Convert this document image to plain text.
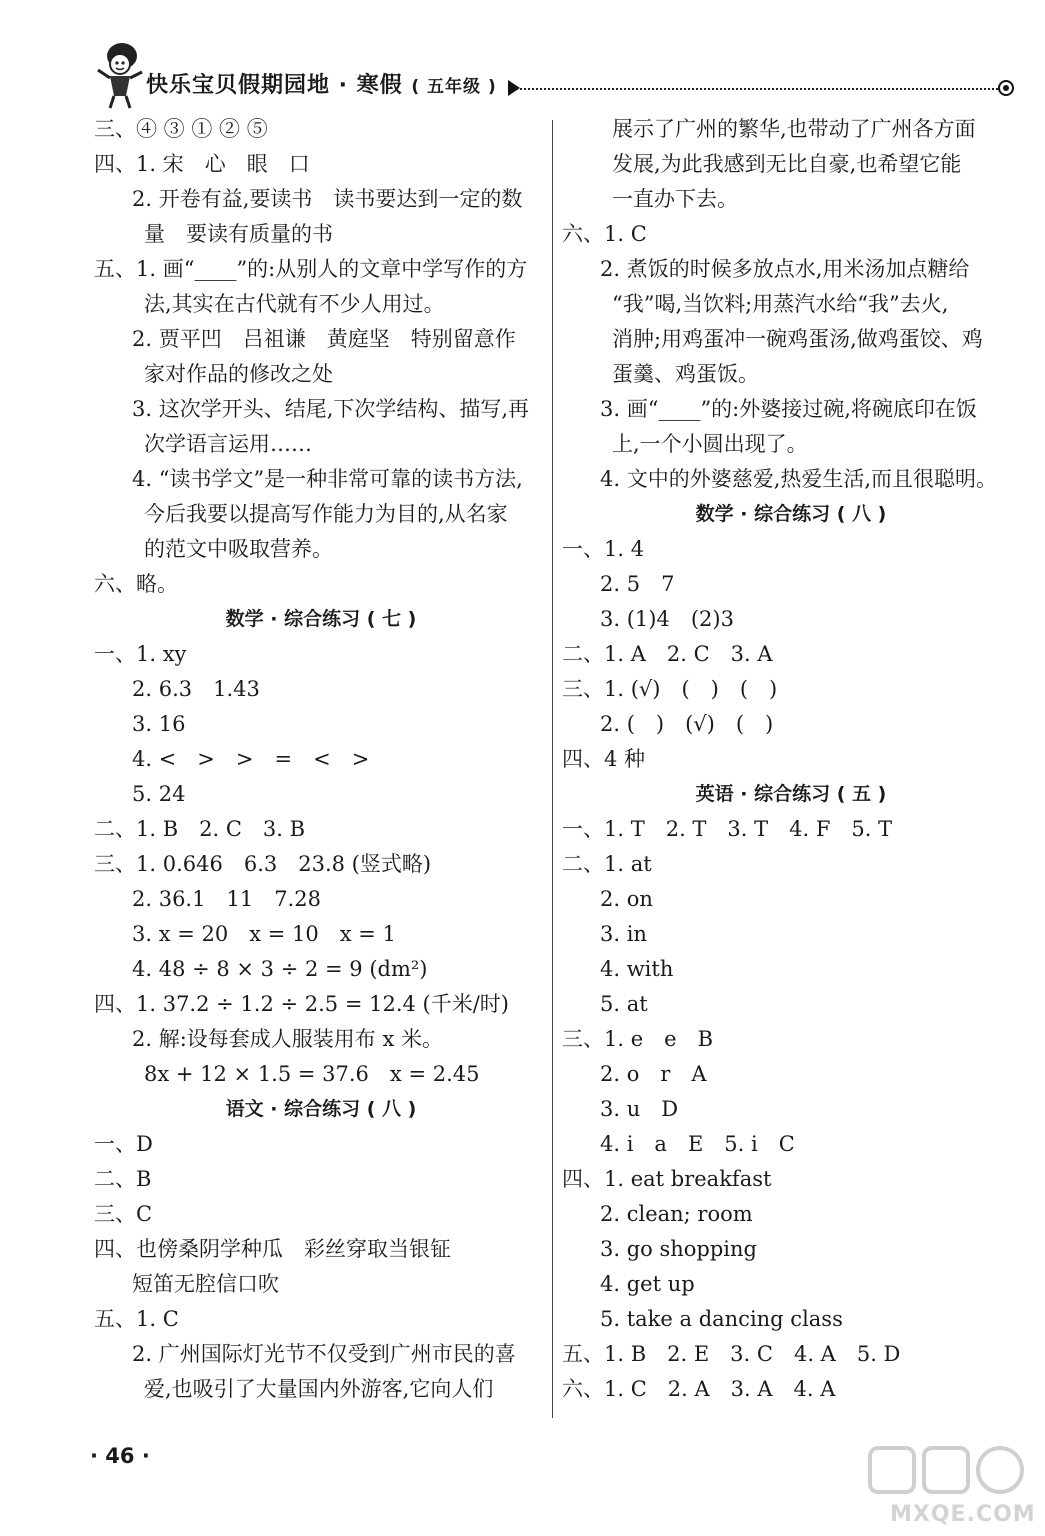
快乐宝贝假期园地 · 寒假 ( 五年级 )
三、④ ③ ① ② ⑤
四、1. 宋　心　眼　口
2. 开卷有益,要读书　读书要达到一定的数
量　要读有质量的书
五、1. 画“____”的:从别人的文章中学写作的方
法,其实在古代就有不少人用过。
2. 贾平凹　吕祖谦　黄庭坚　特别留意作
家对作品的修改之处
3. 这次学开头、结尾,下次学结构、描写,再
次学语言运用……
4. “读书学文”是一种非常可靠的读书方法,
今后我要以提高写作能力为目的,从名家
的范文中吸取营养。
六、略。
数学 · 综合练习 ( 七 )
一、1. xy
2. 6.3　1.43
3. 16
4. <　>　>　=　<　>
5. 24
二、1. B　2. C　3. B
三、1. 0.646　6.3　23.8 (竖式略)
2. 36.1　11　7.28
3. x = 20　x = 10　x = 1
4. 48 ÷ 8 × 3 ÷ 2 = 9 (dm²)
四、1. 37.2 ÷ 1.2 ÷ 2.5 = 12.4 (千米/时)
2. 解:设每套成人服装用布 x 米。
8x + 12 × 1.5 = 37.6　x = 2.45
语文 · 综合练习 ( 八 )
一、D
二、B
三、C
四、也傍桑阴学种瓜　彩丝穿取当银钲
短笛无腔信口吹
五、1. C
2. 广州国际灯光节不仅受到广州市民的喜
爱,也吸引了大量国内外游客,它向人们
展示了广州的繁华,也带动了广州各方面
发展,为此我感到无比自豪,也希望它能
一直办下去。
六、1. C
2. 煮饭的时候多放点水,用米汤加点糖给
“我”喝,当饮料;用蒸汽水给“我”去火,
消肿;用鸡蛋冲一碗鸡蛋汤,做鸡蛋饺、鸡
蛋羹、鸡蛋饭。
3. 画“____”的:外婆接过碗,将碗底印在饭
上,一个小圆出现了。
4. 文中的外婆慈爱,热爱生活,而且很聪明。
数学 · 综合练习 ( 八 )
一、1. 4
2. 5　7
3. (1)4　(2)3
二、1. A　2. C　3. A
三、1. (√)　(　)　(　)
2. (　)　(√)　(　)
四、4 种
英语 · 综合练习 ( 五 )
一、1. T　2. T　3. T　4. F　5. T
二、1. at
2. on
3. in
4. with
5. at
三、1. e　e　B
2. o　r　A
3. u　D
4. i　a　E　5. i　C
四、1. eat breakfast
2. clean; room
3. go shopping
4. get up
5. take a dancing class
五、1. B　2. E　3. C　4. A　5. D
六、1. C　2. A　3. A　4. A
· 46 ·
MXQE.COM
